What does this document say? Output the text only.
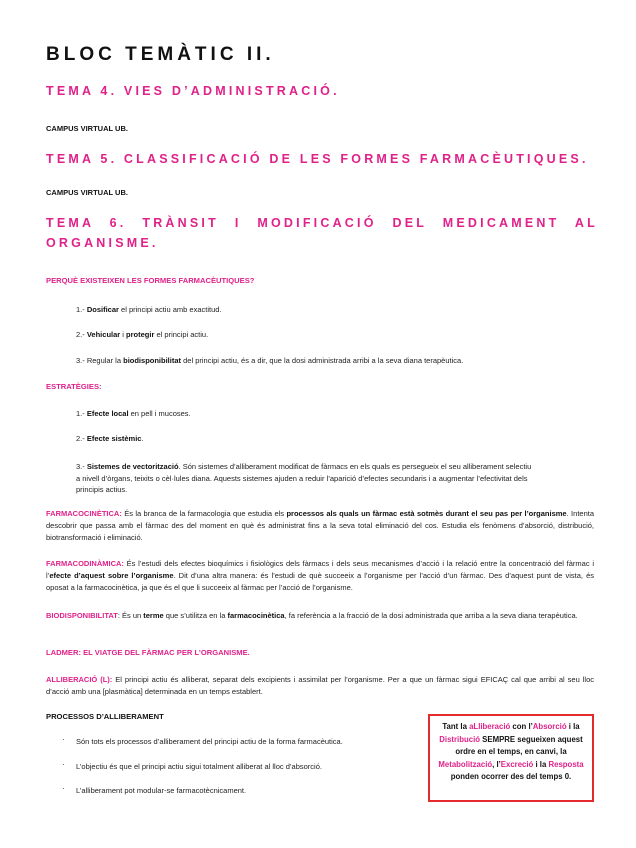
BLOC TEMÀTIC II.
TEMA 4. VIES D’ADMINISTRACIÓ.
CAMPUS VIRTUAL UB.
TEMA 5. CLASSIFICACIÓ DE LES FORMES FARMACÈUTIQUES.
CAMPUS VIRTUAL UB.
TEMA 6. TRÀNSIT I MODIFICACIÓ DEL MEDICAMENT AL
ORGANISME.
PERQUÈ EXISTEIXEN LES FORMES FARMACÈUTIQUES?
1.- Dosificar el principi actiu amb exactitud.
2.- Vehicular i protegir el principi actiu.
3.- Regular la biodisponibilitat del principi actiu, és a dir, que la dosi administrada arribi a la seva diana terapèutica.
ESTRATÈGIES:
1.- Efecte local en pell i mucoses.
2.- Efecte sistèmic.
3.- Sistemes de vectorització. Són sistemes d’alliberament modificat de fàrmacs en els quals es persegueix el seu alliberament selectiu
a nivell d’òrgans, teixits o cèl·lules diana. Aquests sistemes ajuden a reduir l’aparició d’efectes secundaris i a augmentar l’efectivitat dels
principis actius.
FARMACOCINÈTICA: És la branca de la farmacologia que estudia els processos als quals un fàrmac està sotmès durant el seu pas per l’organisme. Intenta descobrir que passa amb el fàrmac des del moment en què és administrat fins a la seva total eliminació del cos. Estudia els fenòmens d’absorció, distribució, biotransformació i eliminació.
FARMACODINÀMICA: És l’estudi dels efectes bioquímics i fisiològics dels fàrmacs i dels seus mecanismes d’acció i la relació entre la concentració del fàrmac i l’efecte d’aquest sobre l’organisme. Dit d’una altra manera: és l’estudi de què succeeix a l’organisme per l’acció d’un fàrmac. Des d’aquest punt de vista, és oposat a la farmacocinètica, ja que és el que li succeeix al fàrmac per l’acció de l’organisme.
BIODISPONIBILITAT: És un terme que s’utilitza en la farmacocinètica, fa referència a la fracció de la dosi administrada que arriba a la seva diana terapèutica.
LADMER: EL VIATGE DEL FÀRMAC PER L’ORGANISME.
ALLIBERACIÓ (L): El principi actiu és alliberat, separat dels excipients i assimilat per l’organisme. Per a que un fàrmac sigui EFICAÇ cal que arribi al seu lloc d’acció amb una [plasmàtica] determinada en un temps establert.
PROCESSOS D’ALLIBERAMENT
· Són tots els processos d’alliberament del principi actiu de la forma farmacèutica.
· L’objectiu és que el principi actiu sigui totalment alliberat al lloc d’absorció.
· L’alliberament pot modular-se farmacotècnicament.
Tant la aLliberació con l’Absorció i la Distribució SEMPRE segueixen aquest ordre en el temps, en canvi, la Metabolització, l’Excreció i la Resposta ponden ocorrer des del temps 0.
